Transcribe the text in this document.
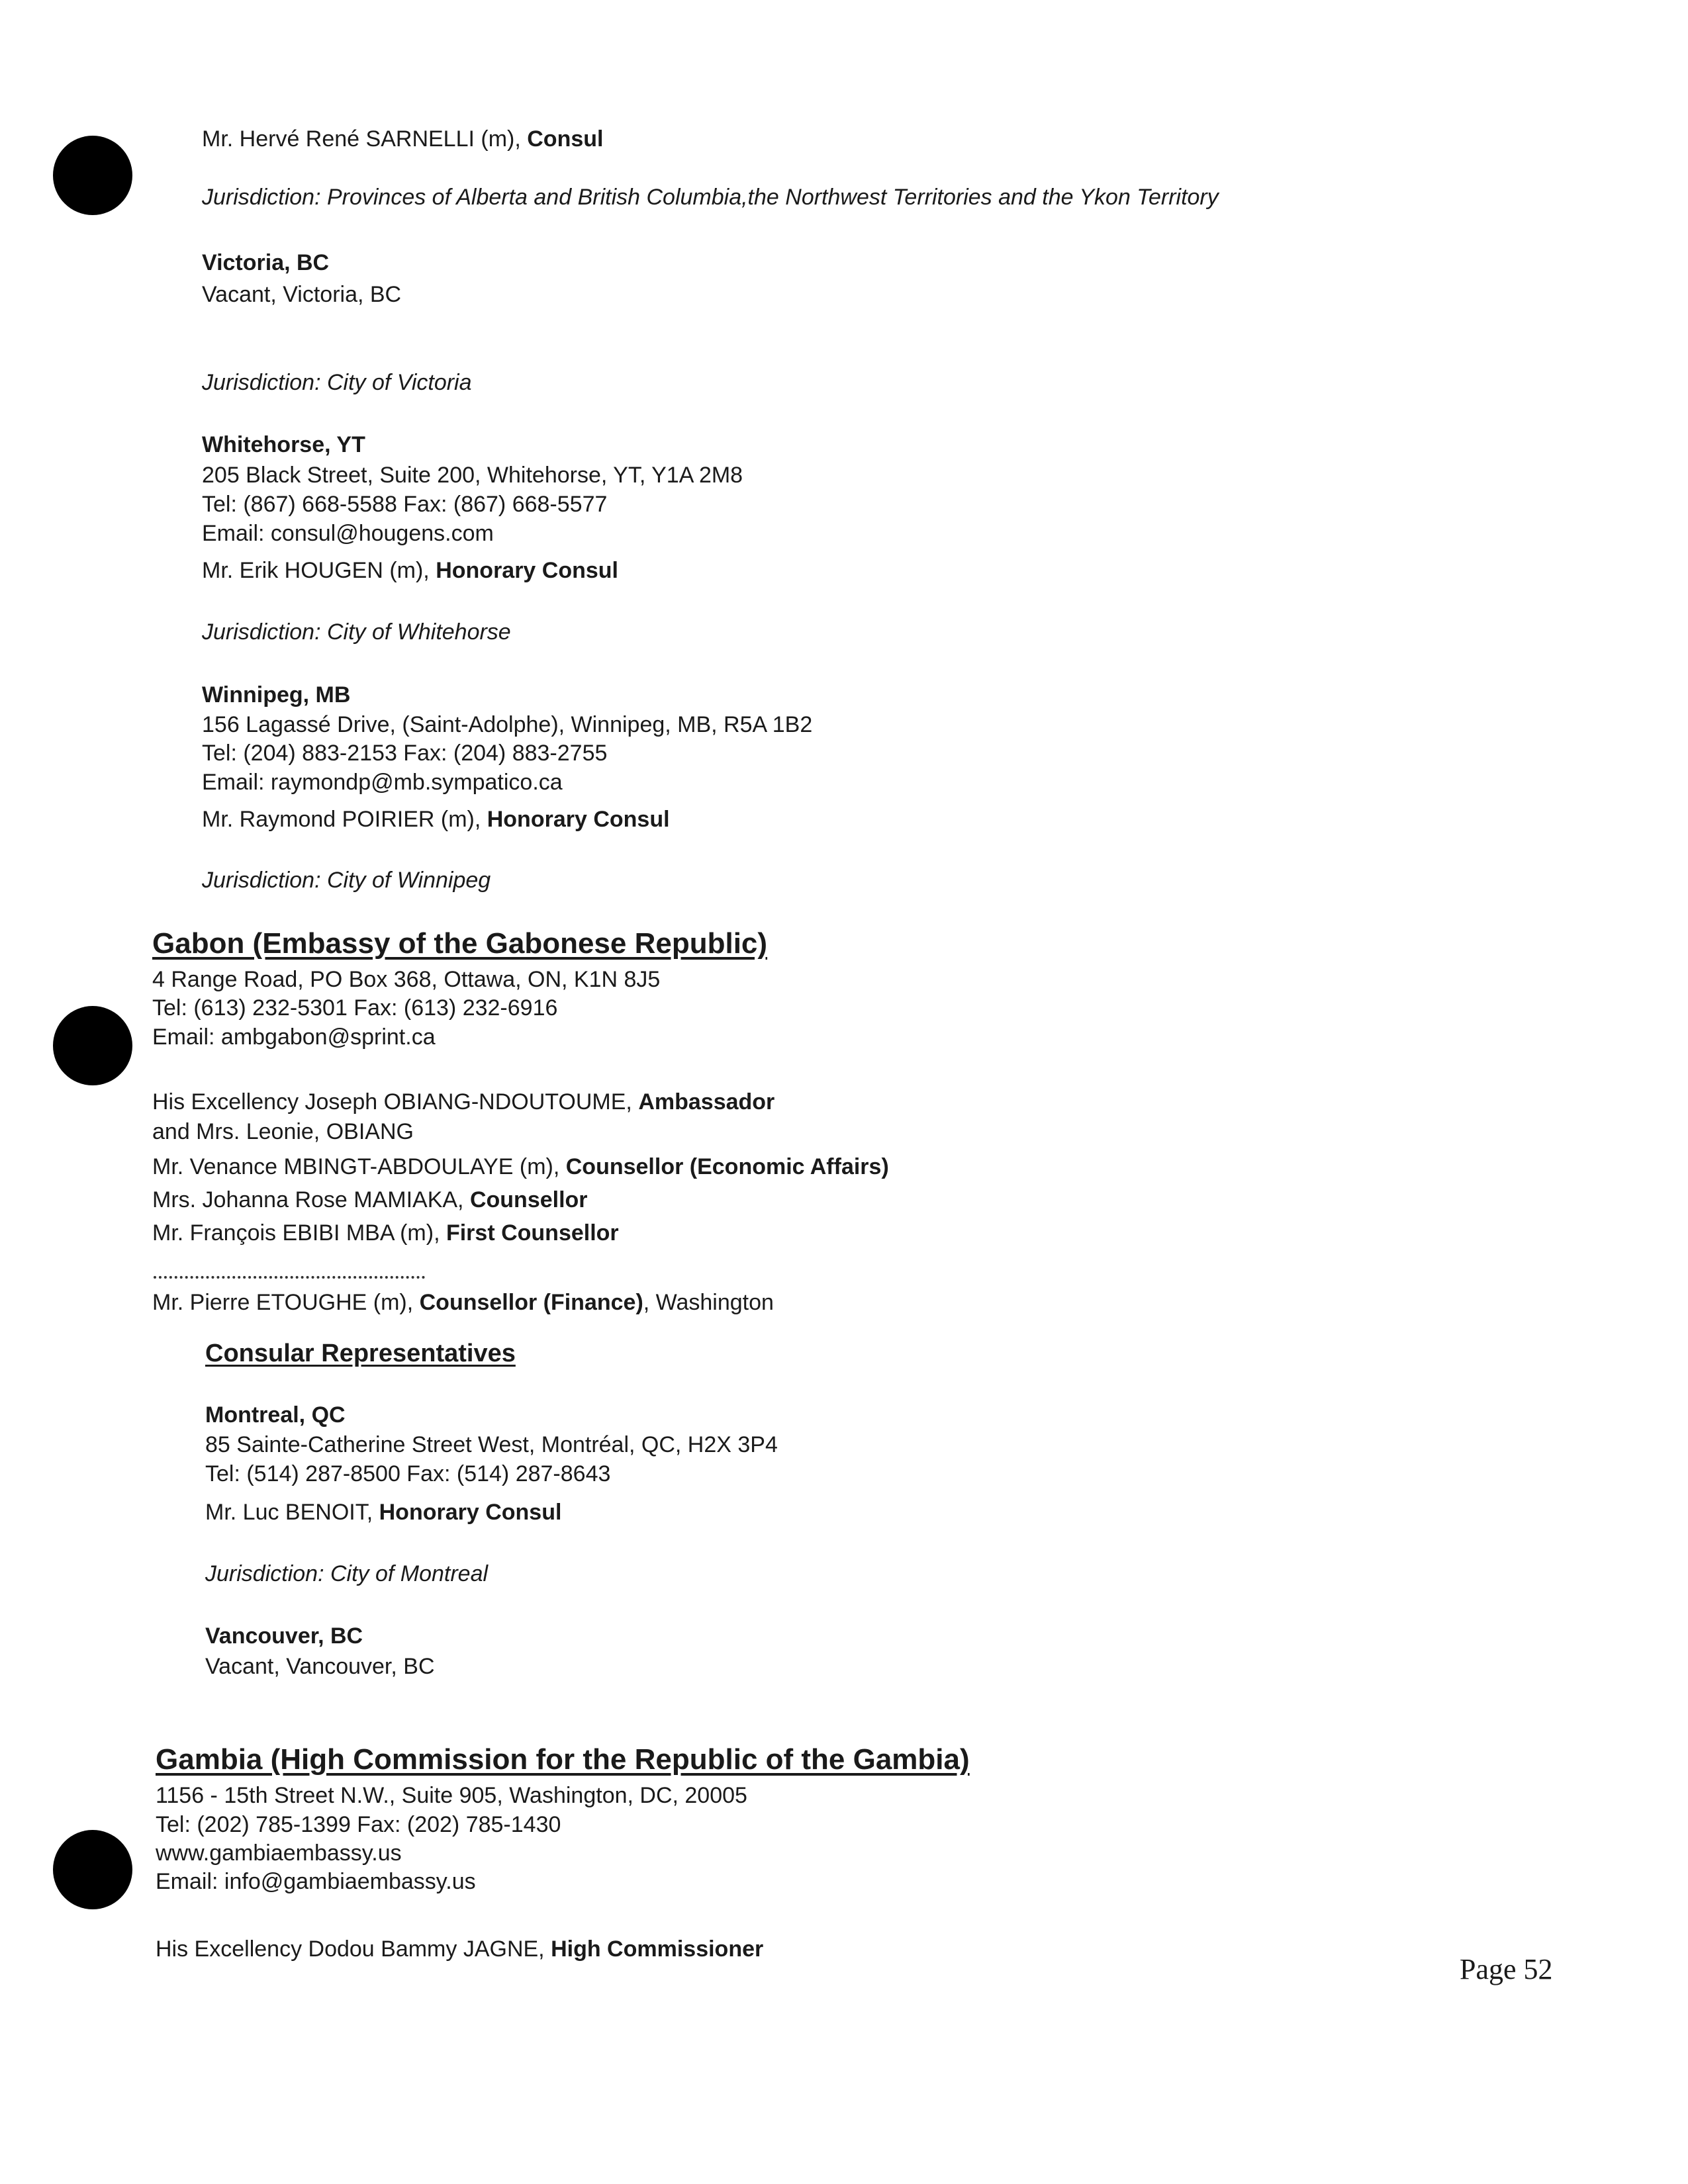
Mr. Hervé René SARNELLI (m), Consul
Jurisdiction: Provinces of Alberta and British Columbia,the Northwest Territories and the Ykon Territory
Victoria, BC
Vacant, Victoria, BC
Jurisdiction: City of Victoria
Whitehorse, YT
205 Black Street, Suite 200, Whitehorse, YT, Y1A 2M8
Tel: (867) 668-5588 Fax: (867) 668-5577
Email: consul@hougens.com
Mr. Erik HOUGEN (m), Honorary Consul
Jurisdiction: City of Whitehorse
Winnipeg, MB
156 Lagassé Drive, (Saint-Adolphe), Winnipeg, MB, R5A 1B2
Tel: (204) 883-2153 Fax: (204) 883-2755
Email: raymondp@mb.sympatico.ca
Mr. Raymond POIRIER (m), Honorary Consul
Jurisdiction: City of Winnipeg
Gabon (Embassy of the Gabonese Republic)
4 Range Road, PO Box 368, Ottawa, ON, K1N 8J5
Tel: (613) 232-5301 Fax: (613) 232-6916
Email: ambgabon@sprint.ca
His Excellency Joseph OBIANG-NDOUTOUME, Ambassador
and Mrs. Leonie, OBIANG
Mr. Venance MBINGT-ABDOULAYE (m), Counsellor (Economic Affairs)
Mrs. Johanna Rose MAMIAKA, Counsellor
Mr. François EBIBI MBA (m), First Counsellor
Mr. Pierre ETOUGHE (m), Counsellor (Finance), Washington
Consular Representatives
Montreal, QC
85 Sainte-Catherine Street West, Montréal, QC, H2X 3P4
Tel: (514) 287-8500 Fax: (514) 287-8643
Mr. Luc BENOIT, Honorary Consul
Jurisdiction: City of Montreal
Vancouver, BC
Vacant, Vancouver, BC
Gambia (High Commission for the Republic of the Gambia)
1156 - 15th Street N.W., Suite 905, Washington, DC, 20005
Tel: (202) 785-1399 Fax: (202) 785-1430
www.gambiaembassy.us
Email: info@gambiaembassy.us
His Excellency Dodou Bammy JAGNE, High Commissioner
Page 52
